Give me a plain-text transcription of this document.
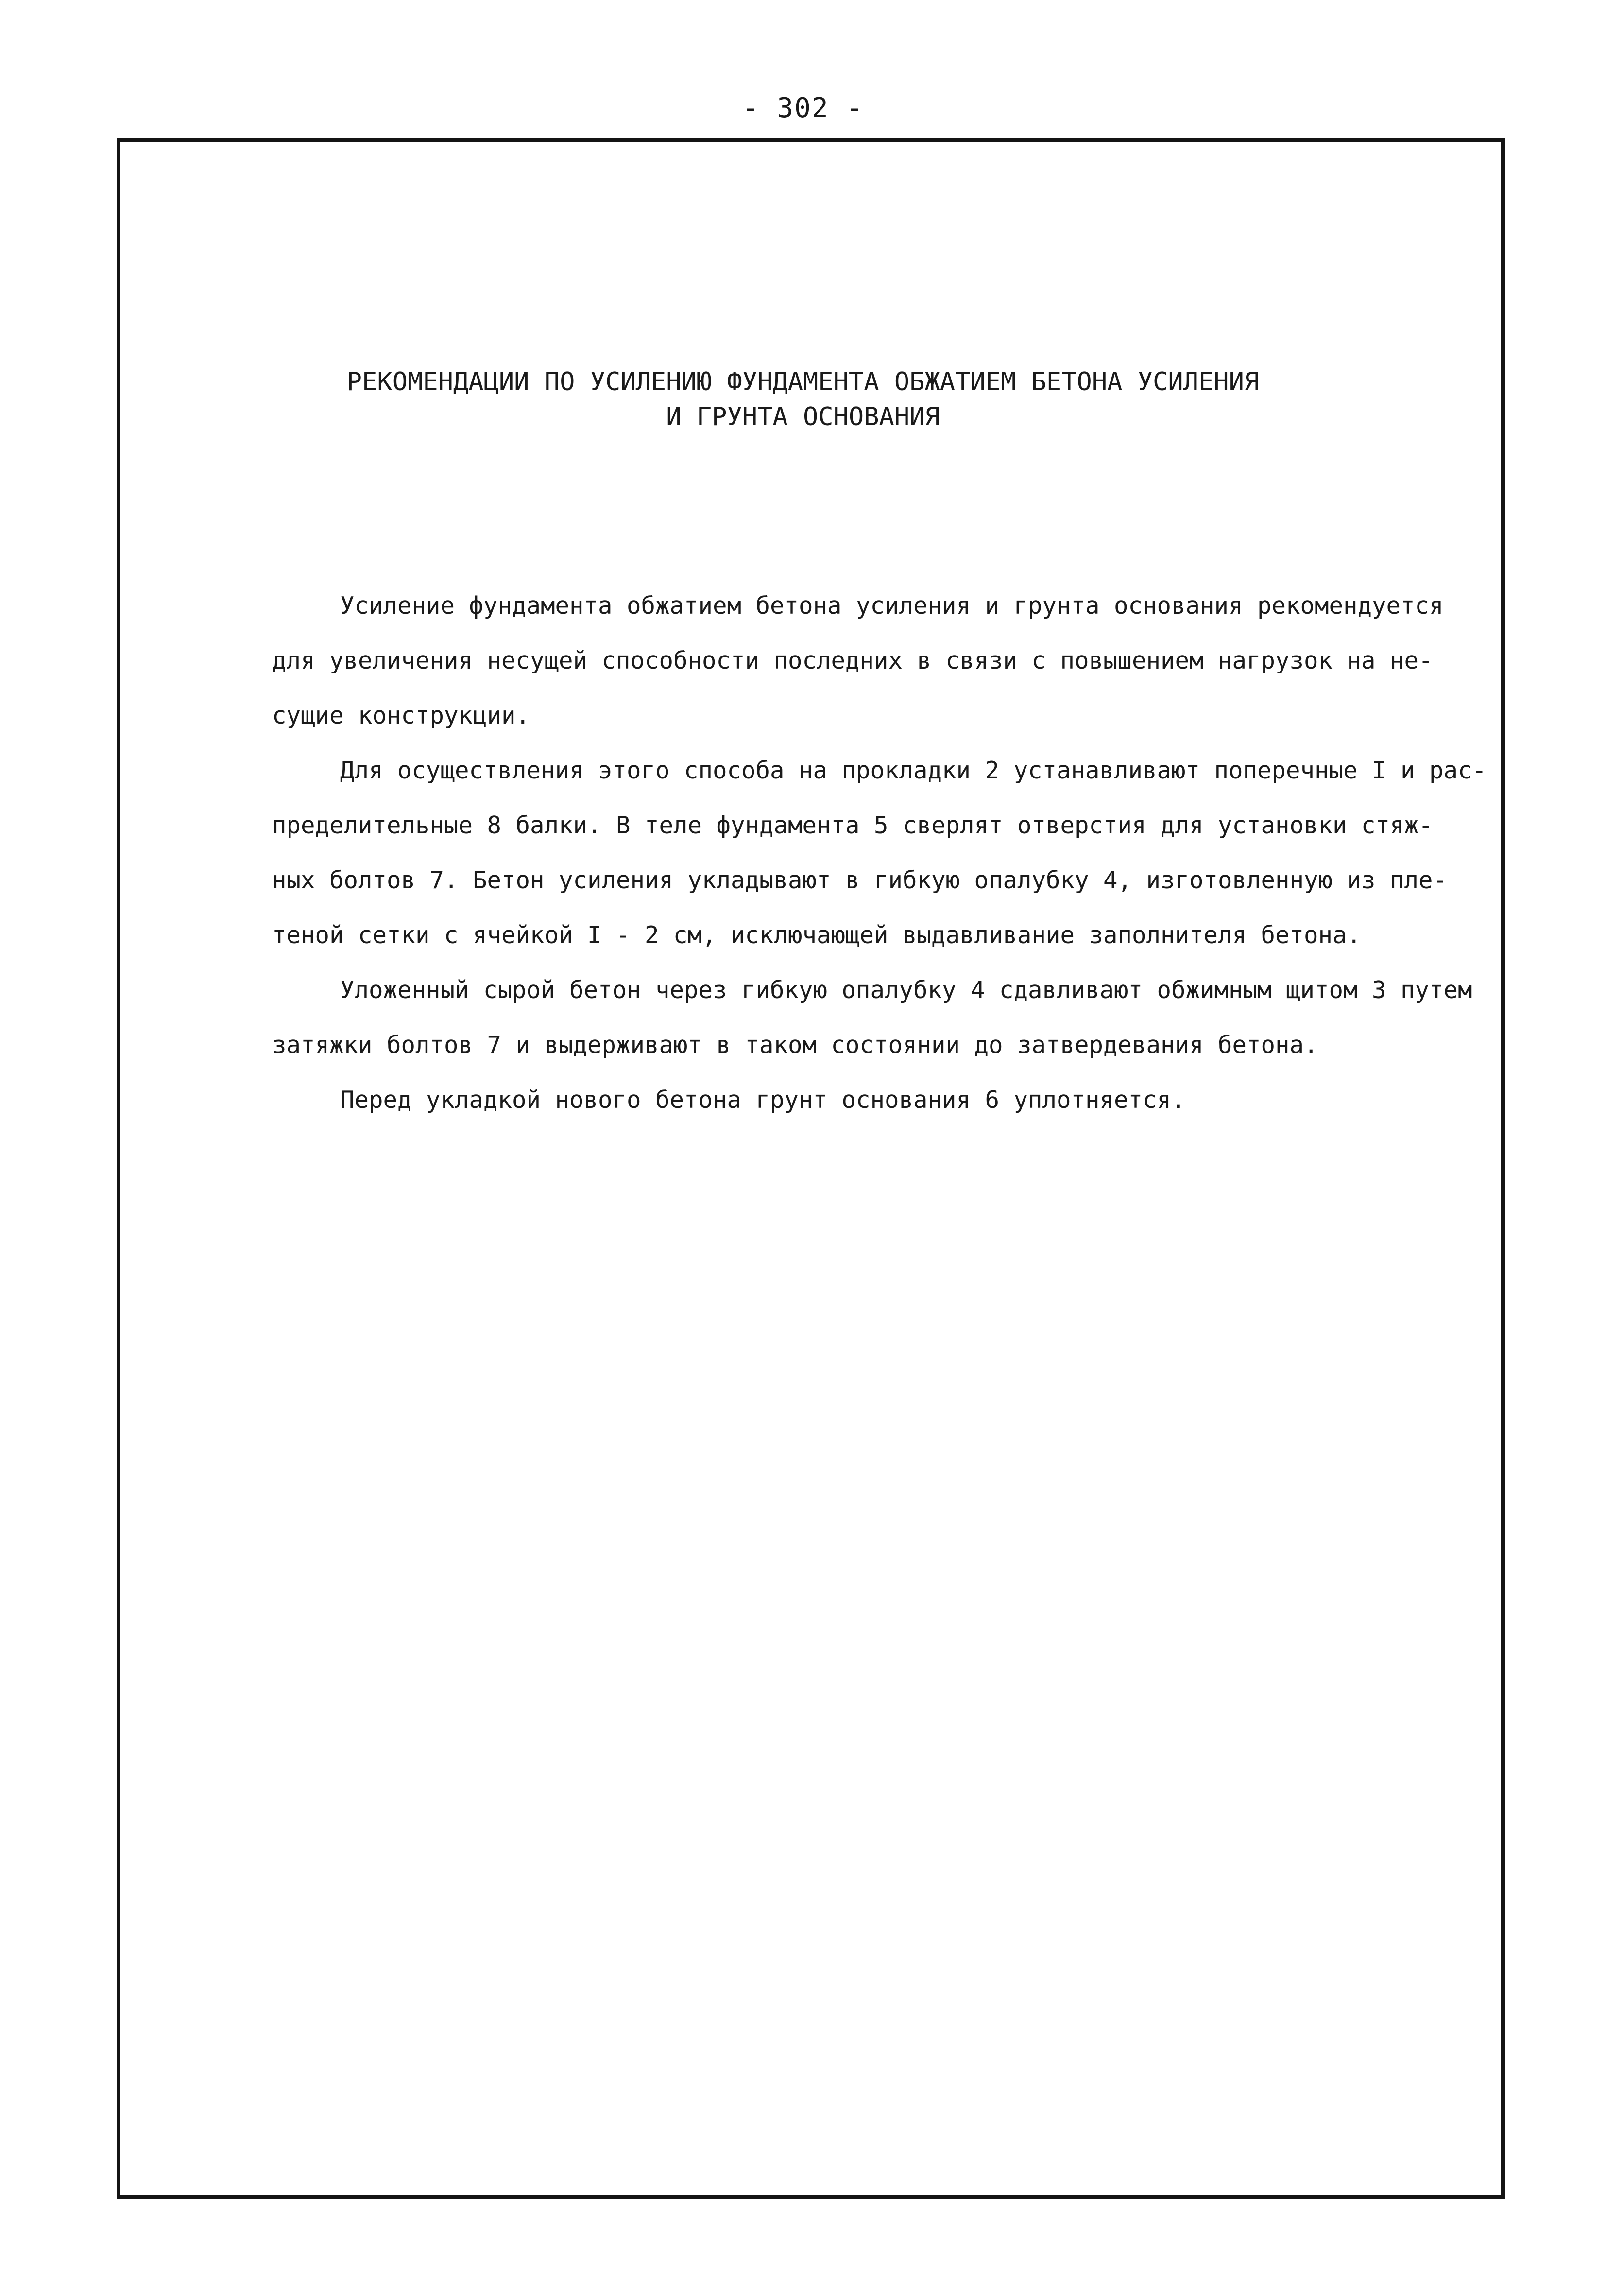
- 302 -
РЕКОМЕНДАЦИИ ПО УСИЛЕНИЮ ФУНДАМЕНТА ОБЖАТИЕМ БЕТОНА УСИЛЕНИЯ
И ГРУНТА ОСНОВАНИЯ
Усиление фундамента обжатием бетона усиления и грунта основания рекомендуется
для увеличения несущей способности последних в связи с повышением нагрузок на не-
сущие конструкции.
Для осуществления этого способа на прокладки 2 устанавливают поперечные I и рас-
пределительные 8 балки. В теле фундамента 5 сверлят отверстия для установки стяж-
ных болтов 7. Бетон усиления укладывают в гибкую опалубку 4, изготовленную из пле-
теной сетки с ячейкой I - 2 см, исключающей выдавливание заполнителя бетона.
Уложенный сырой бетон через гибкую опалубку 4 сдавливают обжимным щитом 3 путем
затяжки болтов 7 и выдерживают в таком состоянии до затвердевания бетона.
Перед укладкой нового бетона грунт основания 6 уплотняется.
